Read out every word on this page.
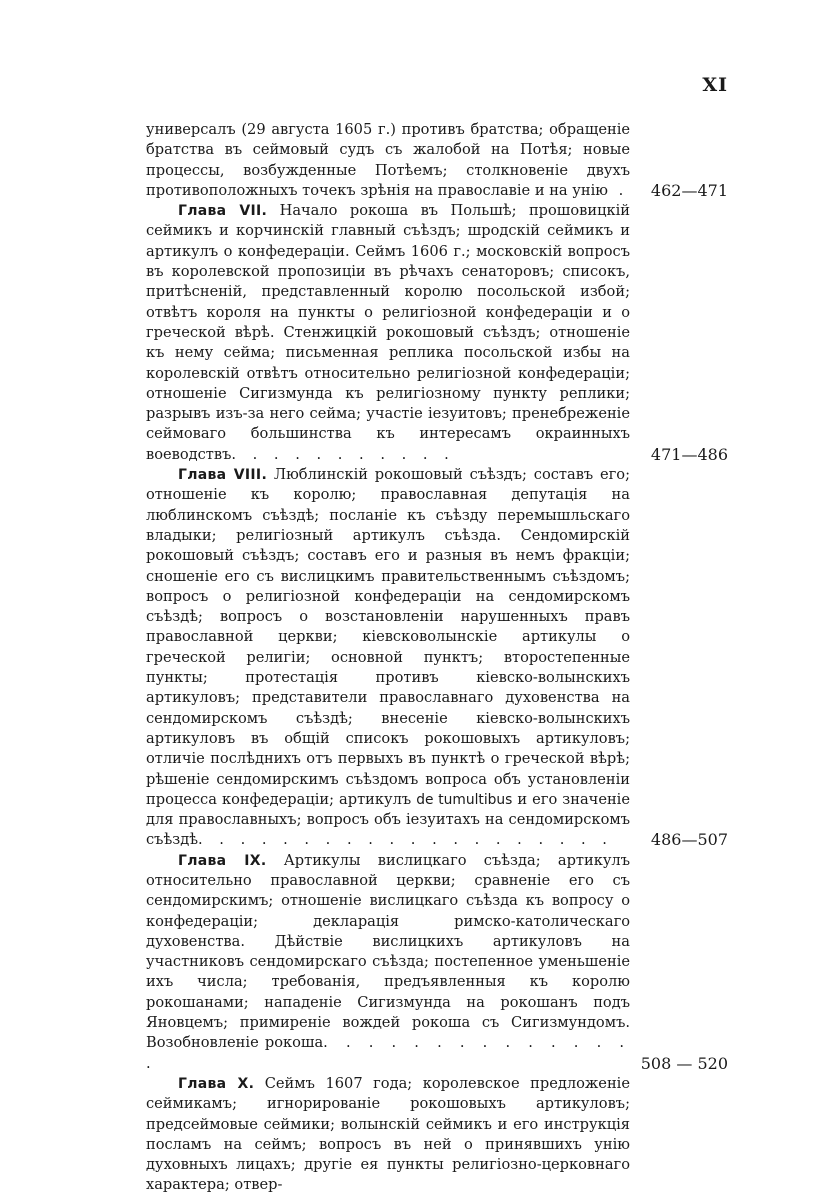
XI

универсалъ (29 августа 1605 г.) противъ братства; обращеніе братства въ сеймовый судъ съ жалобой на Потѣя; новые процессы, возбужденные Потѣемъ; столкновеніе двухъ противоположныхъ точекъ зрѣнія на православіе и на унію . 462—471

Глава VII. Начало рокоша въ Польшѣ; прошовицкій сеймикъ и корчинскій главный съѣздъ; шродскій сеймикъ и артикулъ о конфедераціи. Сеймъ 1606 г.; московскій вопросъ въ королевской пропозиціи въ рѣчахъ сенаторовъ; списокъ, притѣсненій, представленный королю посольской избой; отвѣтъ короля на пункты о религіозной конфедераціи и о греческой вѣрѣ. Стенжицкій рокошовый съѣздъ; отношеніе къ нему сейма; письменная реплика посольской избы на королевскій отвѣтъ относительно религіозной конфедераціи; отношеніе Сигизмунда къ религіозному пункту реплики; разрывъ изъ-за него сейма; участіе іезуитовъ; пренебреженіе сеймоваго большинства къ интересамъ окраинныхъ воеводствъ. . . . . . . . . . .	471—486

Глава VIII. Люблинскій рокошовый съѣздъ; составъ его; отношеніе къ королю; православная депутація на люблинскомъ съѣздѣ; посланіе къ съѣзду перемышльскаго владыки; религіозный артикулъ съѣзда. Сендомирскій рокошовый съѣздъ; составъ его и разныя въ немъ фракціи; сношеніе его съ вислицкимъ правительственнымъ съѣздомъ; вопросъ о религіозной конфедераціи на сендомирскомъ съѣздѣ; вопросъ о возстановленіи нарушенныхъ правъ православной церкви; кіевсковолынскіе артикулы о греческой религіи; основной пунктъ; второстепенные пункты; протестація противъ кіевско-волынскихъ артикуловъ; представители православнаго духовенства на сендомирскомъ съѣздѣ; внесеніе кіевско-волынскихъ артикуловъ въ общій списокъ рокошовыхъ артикуловъ; отличіе послѣднихъ отъ первыхъ въ пунктѣ о греческой вѣрѣ; рѣшеніе сендомирскимъ съѣздомъ вопроса объ установленіи процесса конфедераціи; артикулъ de tumultibus и его значеніе для православныхъ; вопросъ объ іезуитахъ на сендомирскомъ съѣздѣ. . . . . . . . . . . . . . . . . . . .	486—507

Глава IX. Артикулы вислицкаго съѣзда; артикулъ относительно православной церкви; сравненіе его съ сендомирскимъ; отношеніе вислицкаго съѣзда къ вопросу о конфедераціи; декларація римско-католическаго духовенства. Дѣйствіе вислицкихъ артикуловъ на участниковъ сендомирскаго съѣзда; постепенное уменьшеніе ихъ числа; требованія, предъявленныя къ королю рокошанами; нападеніе Сигизмунда на рокошанъ подъ Яновцемъ; примиреніе вождей рокоша съ Сигизмундомъ. Возобновленіе рокоша. . . . . . . . . . . . . . .	508 — 520

Глава X. Сеймъ 1607 года; королевское предложеніе сеймикамъ; игнорированіе рокошовыхъ артикуловъ; предсеймовые сеймики; волынскій сеймикъ и его инструкція посламъ на сеймъ; вопросъ въ ней о принявшихъ унію духовныхъ лицахъ; другіе ея пункты религіозно-церковнаго характера; отвер-
